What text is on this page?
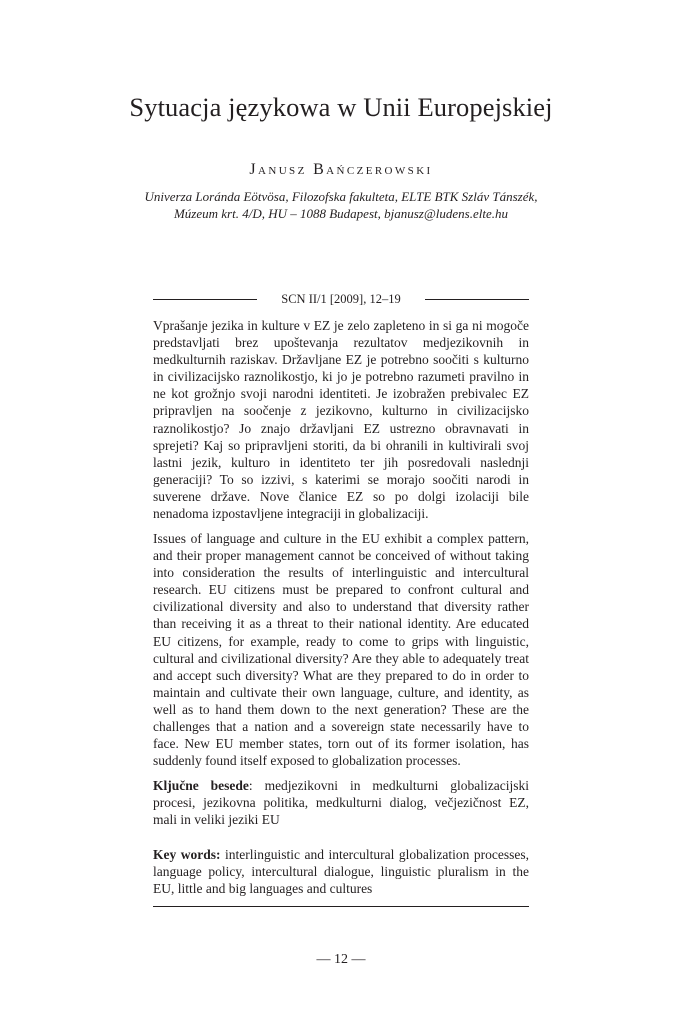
Sytuacja językowa w Unii Europejskiej
Janusz Bańczerowski
Univerza Loránda Eötvösa, Filozofska fakulteta, ELTE BTK Szláv Tánszék,
Múzeum krt. 4/D, HU – 1088 Budapest, bjanusz@ludens.elte.hu
SCN II/1 [2009], 12–19

Vprašanje jezika in kulture v EZ je zelo zapleteno in si ga ni mogoče predstavljati brez upoštevanja rezultatov medjezikovnih in medkulturnih raziskav. Državljane EZ je potrebno soočiti s kulturno in civilizacijsko raznolikostjo, ki jo je potrebno razumeti pravilno in ne kot grožnjo svoji narodni identiteti. Je izobražen prebivalec EZ pripravljen na soočenje z jezikovno, kulturno in civilizacijsko raznolikostjo? Jo znajo državljani EZ ustrezno obravnavati in sprejeti? Kaj so pripravljeni storiti, da bi ohranili in kultivirali svoj lastni jezik, kulturo in identiteto ter jih posredovali naslednji generaciji? To so izzivi, s katerimi se morajo soočiti narodi in suverene države. Nove članice EZ so po dolgi izolaciji bile nenadoma izpostavljene integraciji in globalizaciji.

Issues of language and culture in the EU exhibit a complex pattern, and their proper management cannot be conceived of without taking into consideration the results of interlinguistic and intercultural research. EU citizens must be prepared to confront cultural and civilizational diversity and also to understand that diversity rather than receiving it as a threat to their national identity. Are educated EU citizens, for example, ready to come to grips with linguistic, cultural and civilizational diversity? Are they able to adequately treat and accept such diversity? What are they prepared to do in order to maintain and cultivate their own language, culture, and identity, as well as to hand them down to the next generation? These are the challenges that a nation and a sovereign state necessarily have to face. New EU member states, torn out of its former isolation, has suddenly found itself exposed to globalization processes.

Ključne besede: medjezikovni in medkulturni globalizacijski procesi, jezikovna politika, medkulturni dialog, večjezičnost EZ, mali in veliki jeziki EU

Key words: interlinguistic and intercultural globalization processes, language policy, intercultural dialogue, linguistic pluralism in the EU, little and big languages and cultures

— 12 —
